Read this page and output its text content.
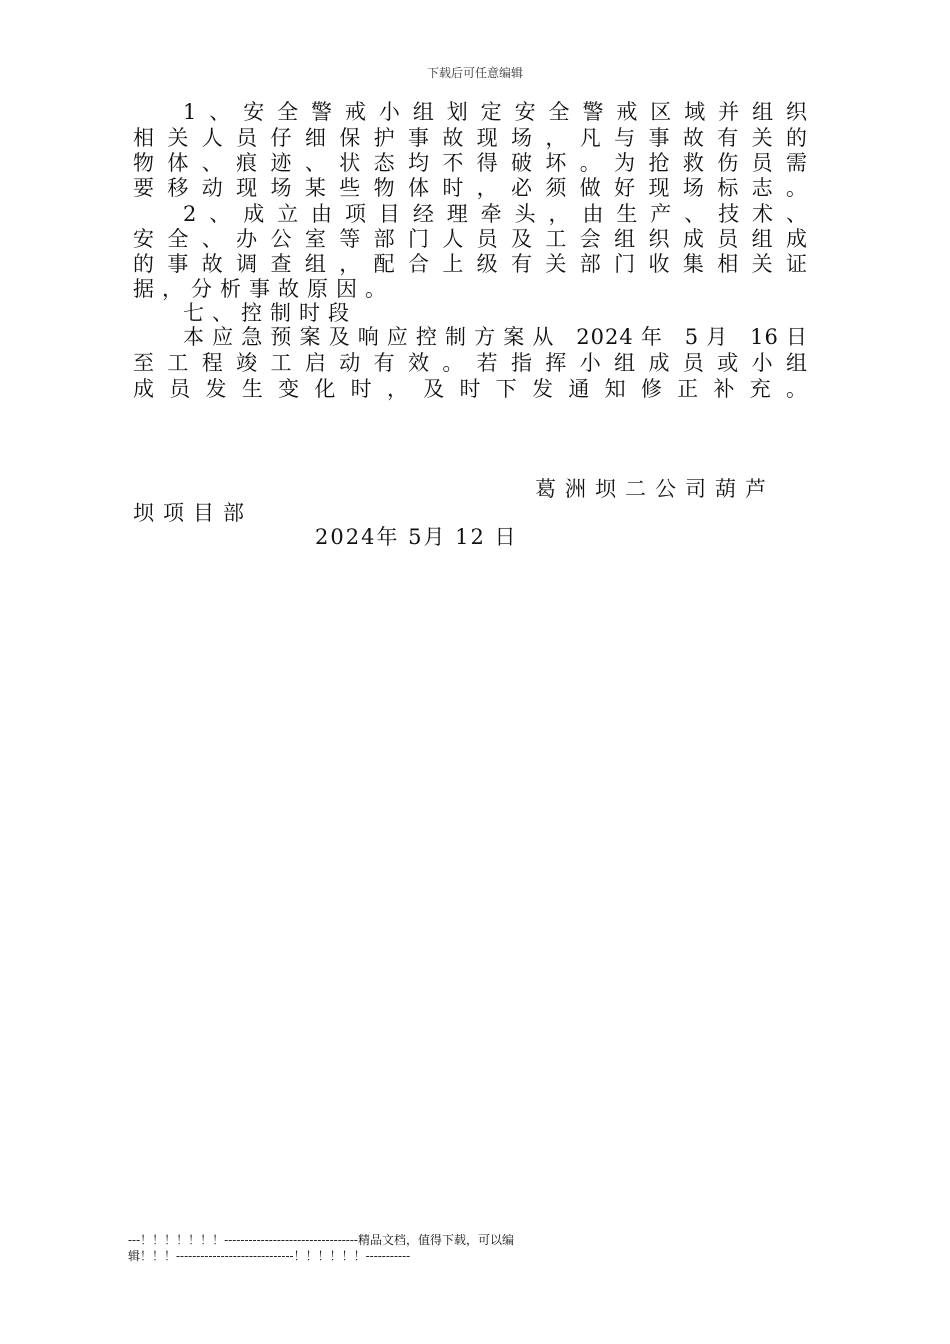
下载后可任意编辑
1、安全警戒小组划定安全警戒区域并组织
相关人员仔细保护事故现场，凡与事故有关的
物体、痕迹、状态均不得破坏。为抢救伤员需
要移动现场某些物体时，必须做好现场标志。
2、成立由项目经理牵头，由生产、技术、
安全、办公室等部门人员及工会组织成员组成
的事故调查组，配合上级有关部门收集相关证
据，分析事故原因。
七、控制时段
本应急预案及响应控制方案从 2024年 5月 16日
至工程竣工启动有效。若指挥小组成员或小组
成员发生变化时，及时下发通知修正补充。
葛洲坝二公司葫芦
坝项目部
2024年 5月 12 日
---！！！！！！！---------------------------------精品文档，值得下载，可以编
辑！！！-----------------------------！！！！！！-----------
